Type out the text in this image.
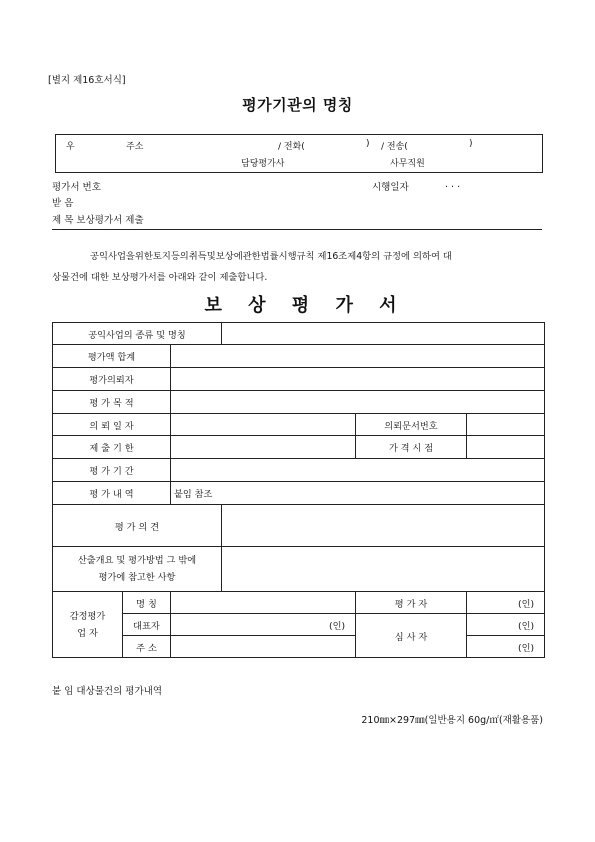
[별지 제16호서식]
평가기관의 명칭
우	주소	/ 전화(	) / 전송(	)
담당평가사	사무직원
평가서 번호	시행일자	. . .
받 음
제 목 보상평가서 제출
공익사업을위한토지등의취득및보상에관한법률시행규칙 제16조제4항의 규정에 의하여 대
상물건에 대한 보상평가서를 아래와 같이 제출합니다.
보 상 평 가 서
공익사업의 종류 및 명칭					
평가액 합계					
평가의뢰자					
평 가 목 적					
의 뢰 일 자				의뢰문서번호	
제 출 기 한				가 격 시 점	
평 가 기 간					
평 가 내 역		붙임 참조			
평 가 의 견					

산출개요 및 평가방법 그 밖에
평가에 참고한 사항					

감정평가
업 자	명 칭			평 가 자	(인)
	대표자	(인)		심 사 자	(인)
	주 소				(인)
붙 임 대상물건의 평가내역
210㎜×297㎜(일반용지 60g/㎡(재활용품)
